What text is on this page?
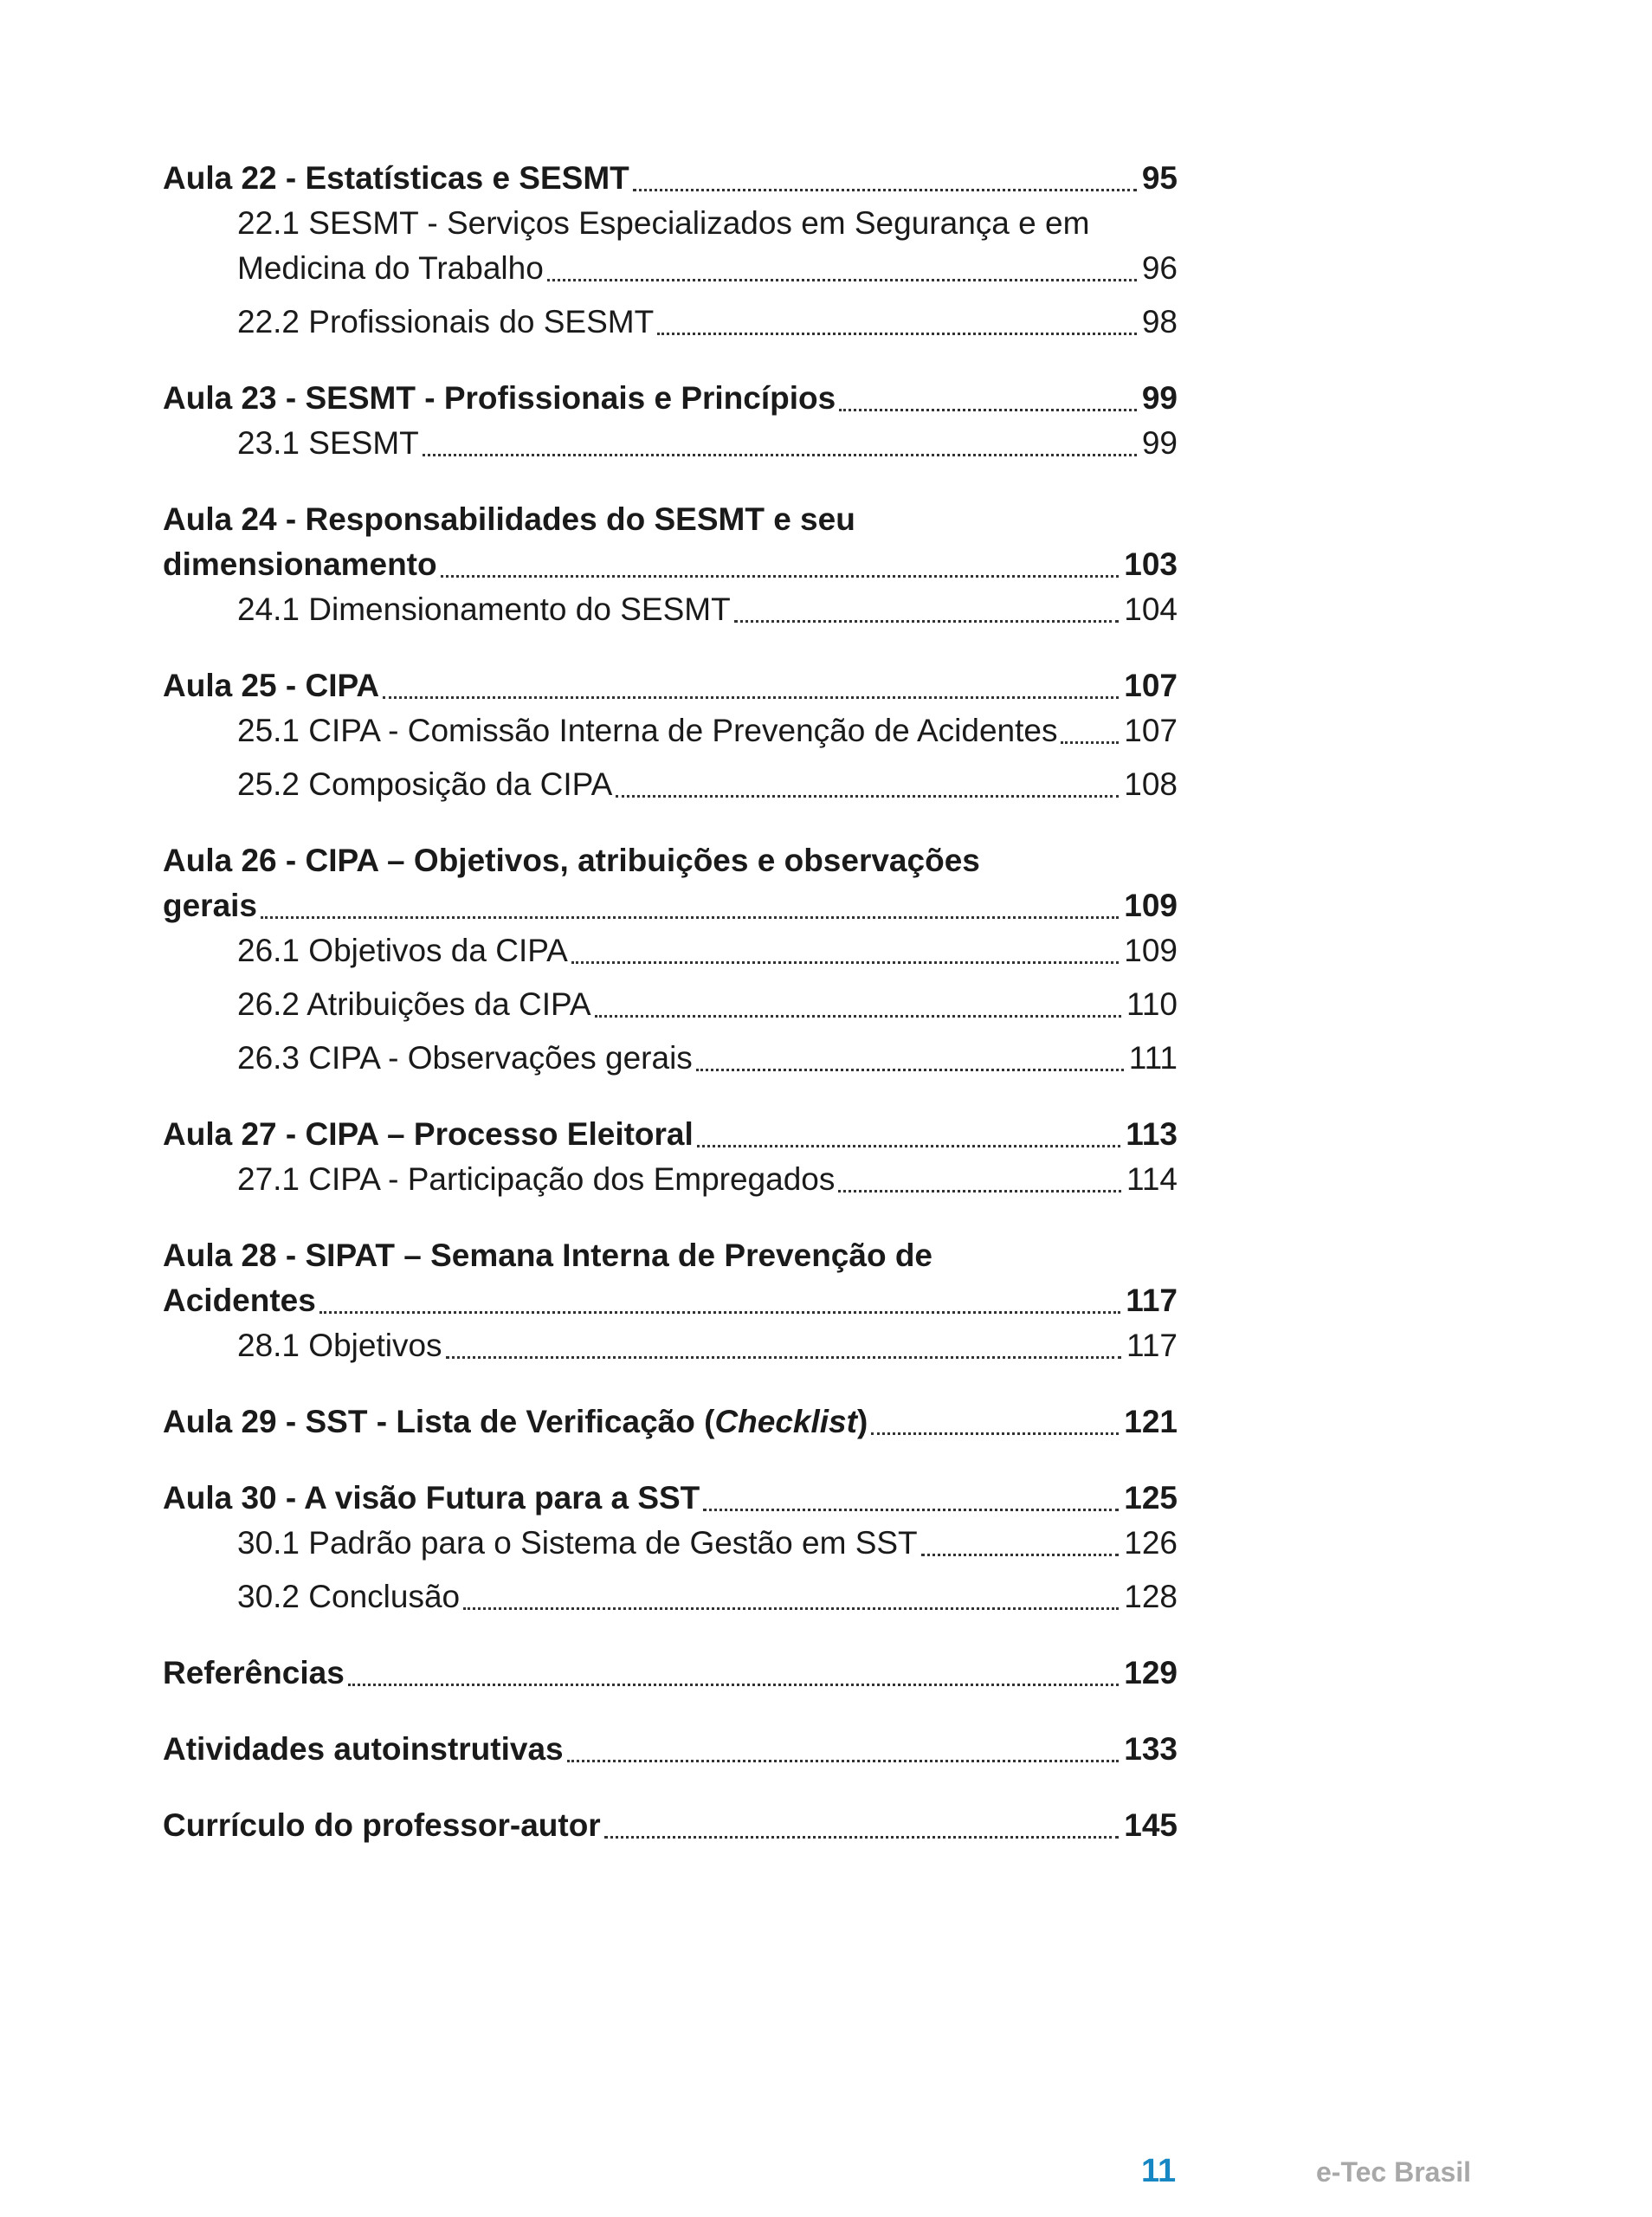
Aula 22 - Estatísticas e SESMT	95
22.1 SESMT - Serviços Especializados em Segurança e em
Medicina do Trabalho	96
22.2 Profissionais do SESMT	98
Aula 23 - SESMT - Profissionais e Princípios	99
23.1 SESMT	99
Aula 24 - Responsabilidades do SESMT e seu
dimensionamento	103
24.1 Dimensionamento do SESMT	104
Aula 25 - CIPA	107
25.1 CIPA - Comissão Interna de Prevenção de Acidentes 107
25.2 Composição da CIPA	108
Aula 26 - CIPA – Objetivos, atribuições e observações
gerais	109
26.1 Objetivos da CIPA	109
26.2 Atribuições da CIPA	110
26.3 CIPA - Observações gerais	111
Aula 27 - CIPA – Processo Eleitoral	113
27.1 CIPA - Participação dos Empregados	114
Aula 28 - SIPAT – Semana Interna de Prevenção de
Acidentes	117
28.1 Objetivos	117
Aula 29 - SST - Lista de Verificação (Checklist)	121
Aula 30 - A visão Futura para a SST	125
30.1 Padrão para o Sistema de Gestão em SST	126
30.2 Conclusão	128
Referências	129
Atividades autoinstrutivas	133
Currículo do professor-autor	145
11	e-Tec Brasil
